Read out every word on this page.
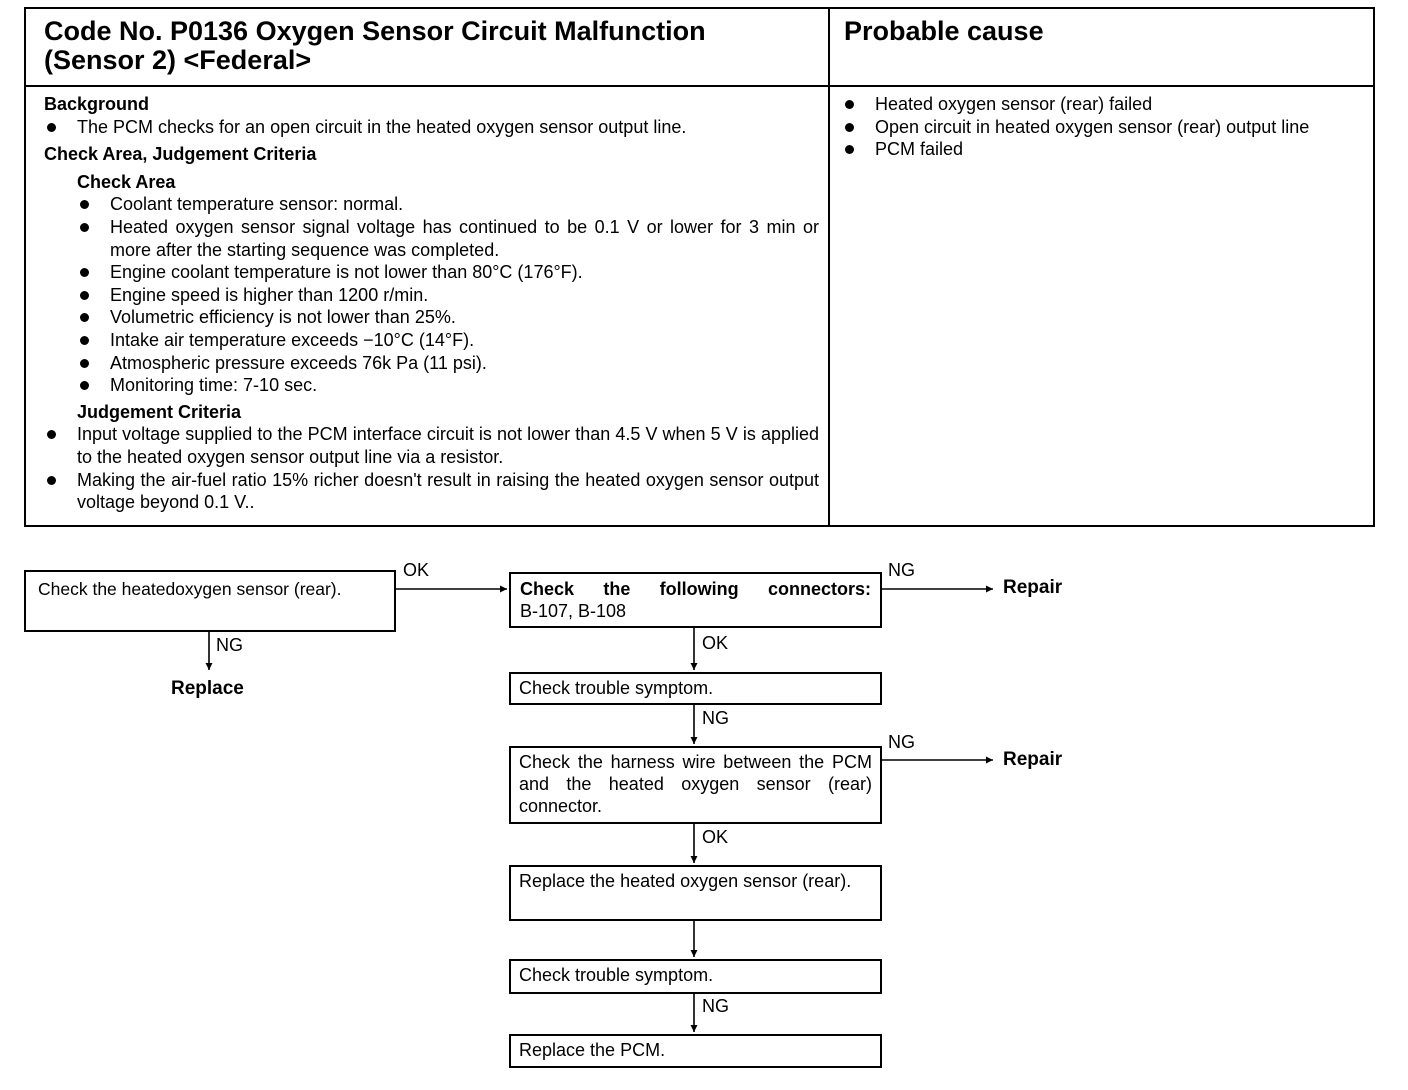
Code No. P0136 Oxygen Sensor Circuit Malfunction (Sensor 2) <Federal>
Probable cause
Background
The PCM checks for an open circuit in the heated oxygen sensor output line.
Check Area, Judgement Criteria
Check Area
Coolant temperature sensor: normal.
Heated oxygen sensor signal voltage has continued to be 0.1 V or lower for 3 min or more after the starting sequence was completed.
Engine coolant temperature is not lower than 80°C (176°F).
Engine speed is higher than 1200 r/min.
Volumetric efficiency is not lower than 25%.
Intake air temperature exceeds −10°C (14°F).
Atmospheric pressure exceeds 76k Pa (11 psi).
Monitoring time: 7-10 sec.
Judgement Criteria
Input voltage supplied to the PCM interface circuit is not lower than 4.5 V when 5 V is applied to the heated oxygen sensor output line via a resistor.
Making the air-fuel ratio 15% richer doesn't result in raising the heated oxygen sensor output voltage beyond 0.1 V..
Heated oxygen sensor (rear) failed
Open circuit in heated oxygen sensor (rear) output line
PCM failed
Check the heatedoxygen sensor (rear).
OK
NG
Replace
Check the following connectors:
B-107, B-108
NG
Repair
OK
Check trouble symptom.
NG
Check the harness wire between the PCM and the heated oxygen sensor (rear) connector.
NG
Repair
OK
Replace the heated oxygen sensor (rear).
Check trouble symptom.
NG
Replace the PCM.
